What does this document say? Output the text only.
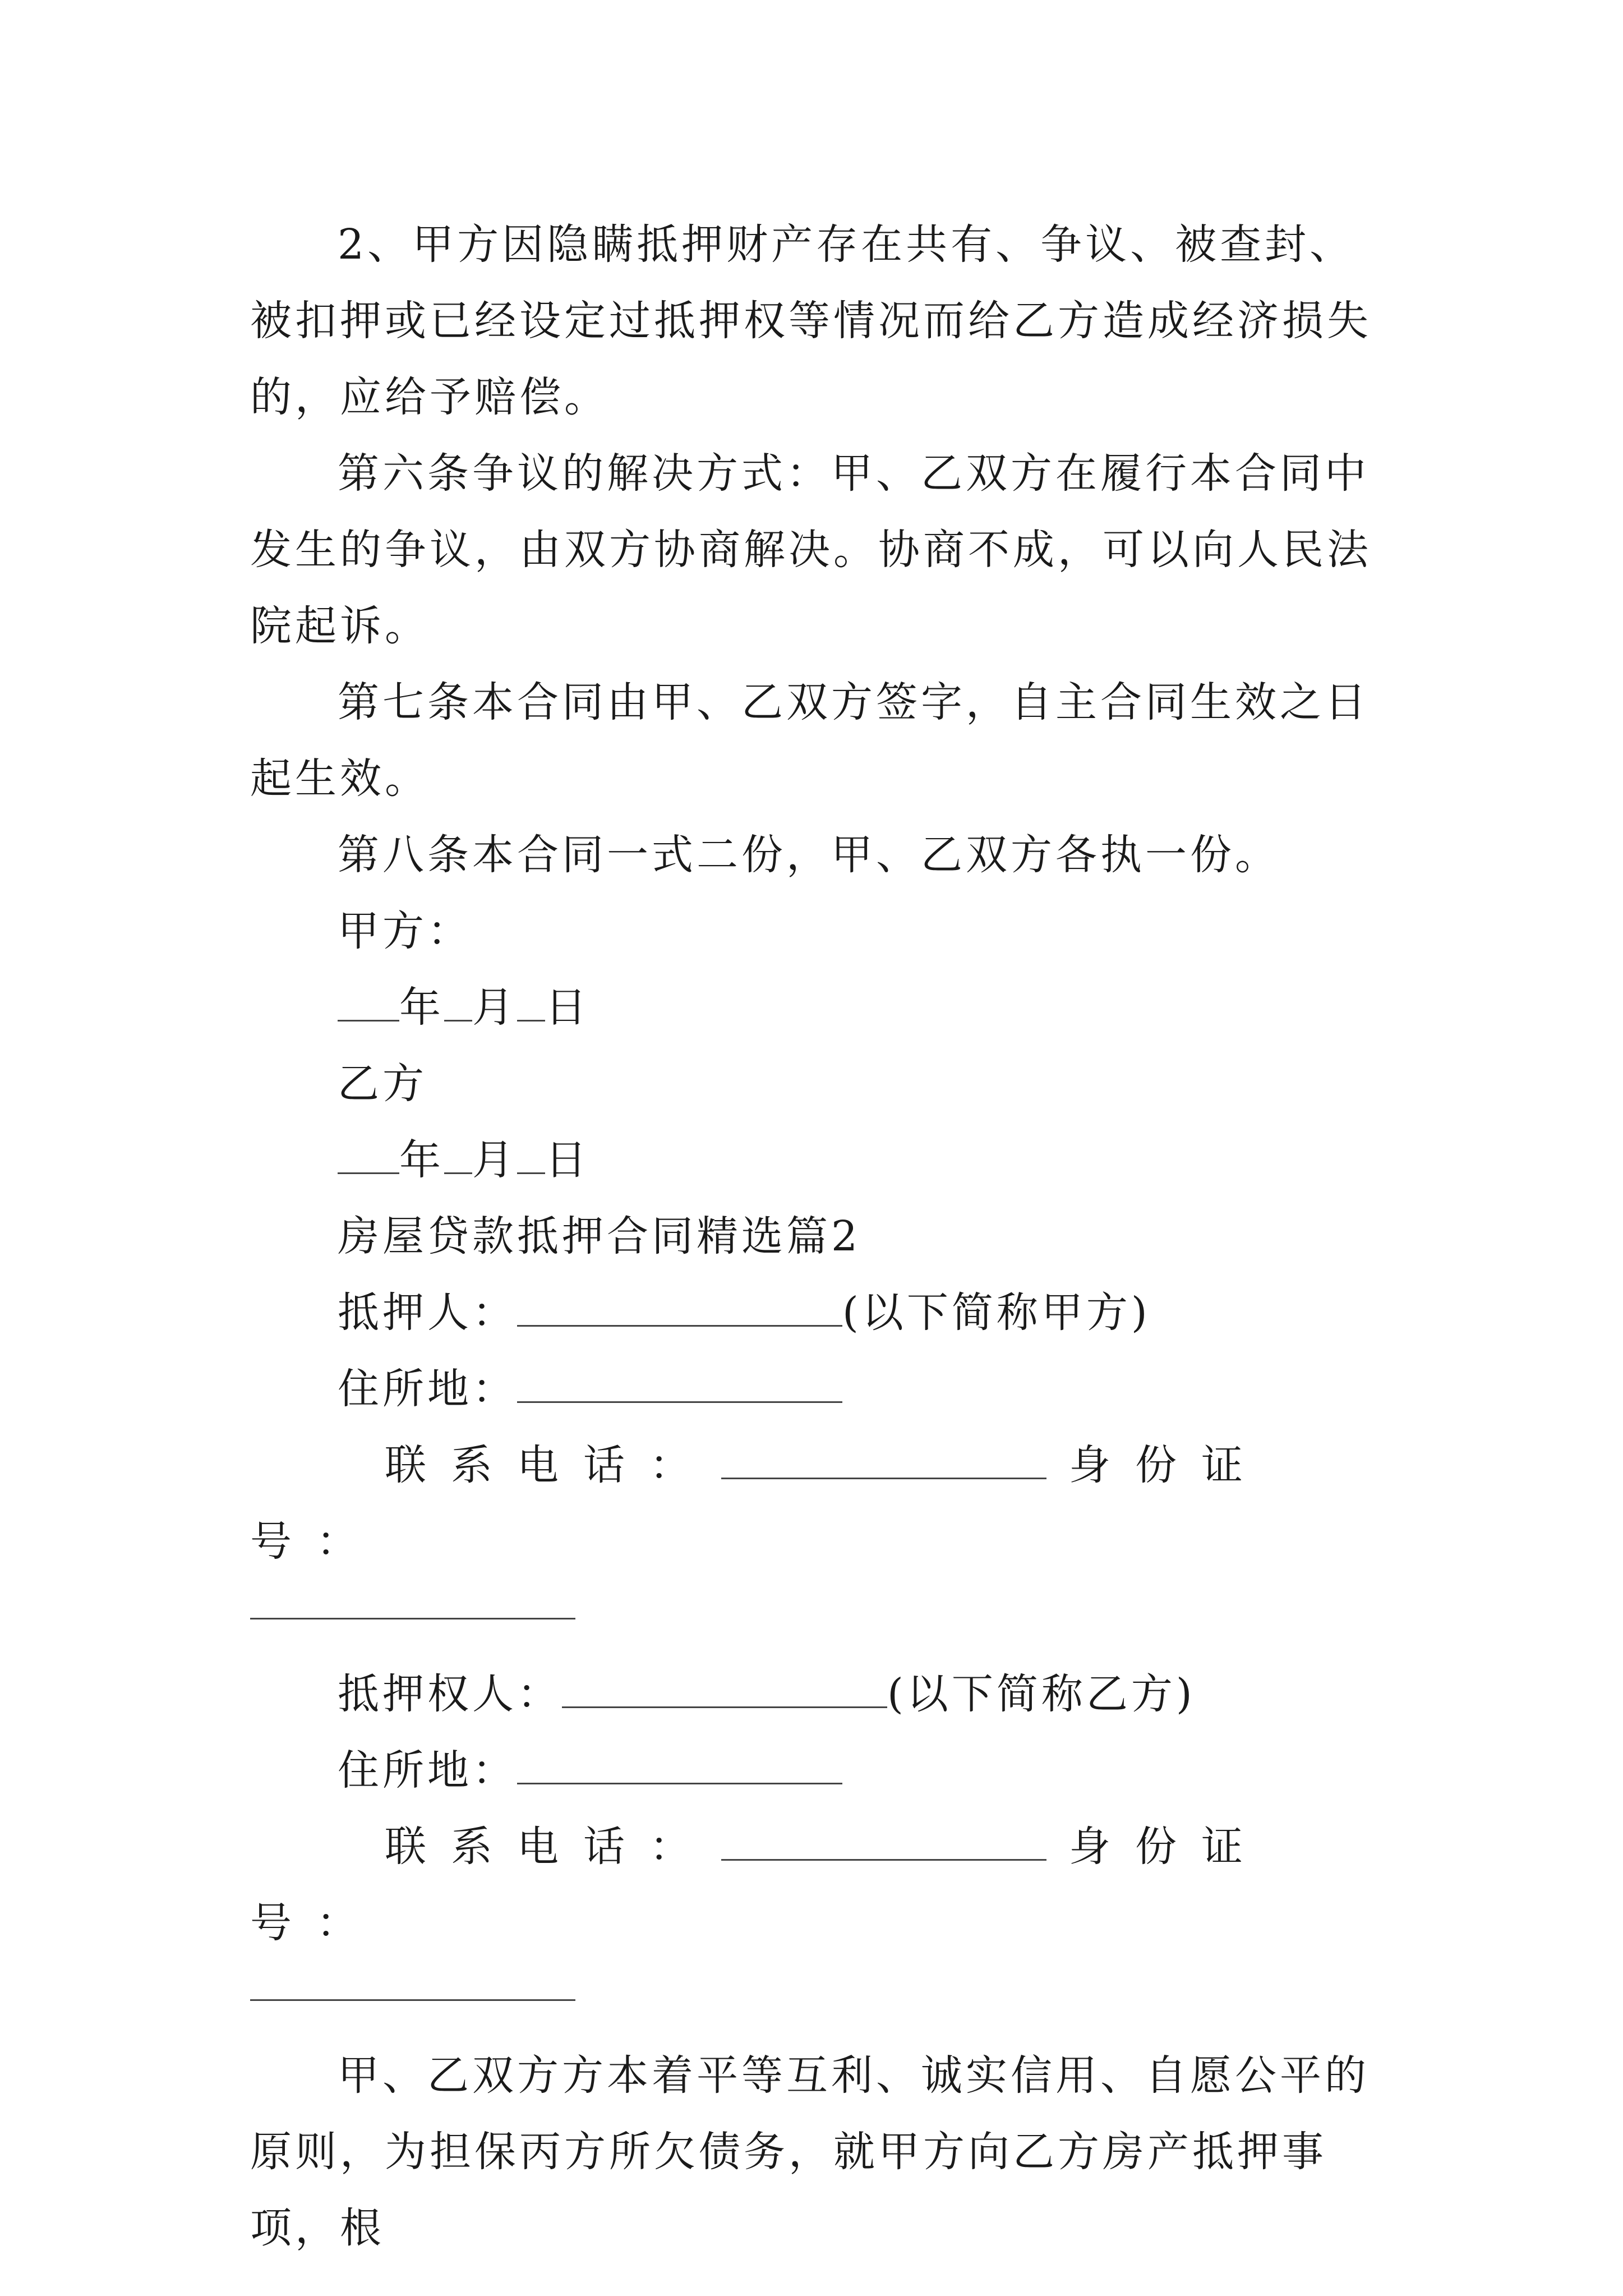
2、甲方因隐瞒抵押财产存在共有、争议、被查封、被扣押或已经设定过抵押权等情况而给乙方造成经济损失的，应给予赔偿。

第六条争议的解决方式：甲、乙双方在履行本合同中发生的争议，由双方协商解决。协商不成，可以向人民法院起诉。

第七条本合同由甲、乙双方签字，自主合同生效之日起生效。

第八条本合同一式二份，甲、乙双方各执一份。

甲方：

年 月 日

乙方

年 月 日

房屋贷款抵押合同精选篇2

抵押人：	(以下简称甲方)

住所地：

联系电话：	身份证号：

抵押权人：	(以下简称乙方)

住所地：

联系电话：	身份证号：

甲、乙双方方本着平等互利、诚实信用、自愿公平的原则，为担保丙方所欠债务，就甲方向乙方房产抵押事项，根
